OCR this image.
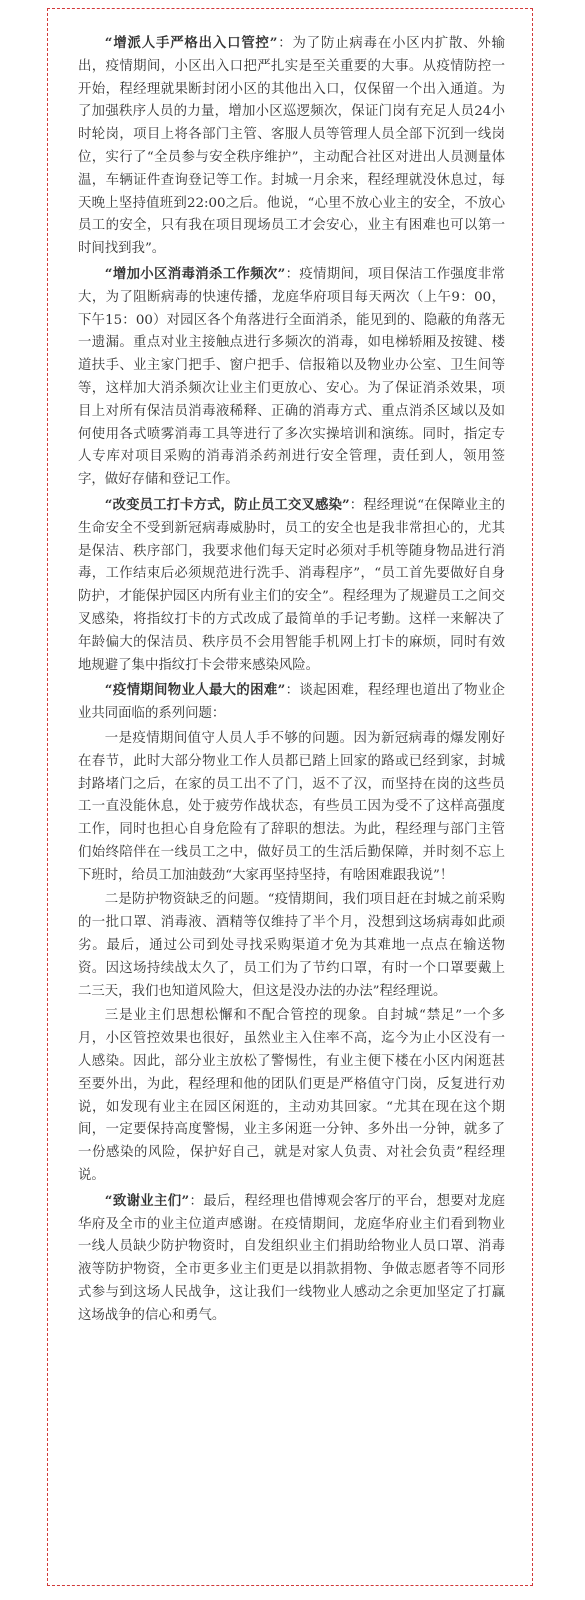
“增派人手严格出入口管控”：为了防止病毒在小区内扩散、外输出，疫情期间，小区出入口把严扎实是至关重要的大事。从疫情防控一开始，程经理就果断封闭小区的其他出入口，仅保留一个出入通道。为了加强秩序人员的力量，增加小区巡逻频次，保证门岗有充足人员24小时轮岗，项目上将各部门主管、客服人员等管理人员全部下沉到一线岗位，实行了“全员参与安全秩序维护”，主动配合社区对进出人员测量体温，车辆证件查询登记等工作。封城一月余来，程经理就没休息过，每天晚上坚持值班到22:00之后。他说，“心里不放心业主的安全，不放心员工的安全，只有我在项目现场员工才会安心，业主有困难也可以第一时间找到我”。

“增加小区消毒消杀工作频次”：疫情期间，项目保洁工作强度非常大，为了阻断病毒的快速传播，龙庭华府项目每天两次（上午9：00，下午15：00）对园区各个角落进行全面消杀，能见到的、隐蔽的角落无一遗漏。重点对业主接触点进行多频次的消毒，如电梯轿厢及按键、楼道扶手、业主家门把手、窗户把手、信报箱以及物业办公室、卫生间等等，这样加大消杀频次让业主们更放心、安心。为了保证消杀效果，项目上对所有保洁员消毒液稀释、正确的消毒方式、重点消杀区域以及如何使用各式喷雾消毒工具等进行了多次实操培训和演练。同时，指定专人专库对项目采购的消毒消杀药剂进行安全管理，责任到人，领用签字，做好存储和登记工作。

“改变员工打卡方式，防止员工交叉感染”：程经理说“在保障业主的生命安全不受到新冠病毒威胁时，员工的安全也是我非常担心的，尤其是保洁、秩序部门，我要求他们每天定时必须对手机等随身物品进行消毒，工作结束后必须规范进行洗手、消毒程序”，“员工首先要做好自身防护，才能保护园区内所有业主们的安全”。程经理为了规避员工之间交叉感染，将指纹打卡的方式改成了最简单的手记考勤。这样一来解决了年龄偏大的保洁员、秩序员不会用智能手机网上打卡的麻烦，同时有效地规避了集中指纹打卡会带来感染风险。

“疫情期间物业人最大的困难”：谈起困难，程经理也道出了物业企业共同面临的系列问题：

一是疫情期间值守人员人手不够的问题。因为新冠病毒的爆发刚好在春节，此时大部分物业工作人员都已踏上回家的路或已经到家，封城封路堵门之后，在家的员工出不了门，返不了汉，而坚持在岗的这些员工一直没能休息，处于疲劳作战状态，有些员工因为受不了这样高强度工作，同时也担心自身危险有了辞职的想法。为此，程经理与部门主管们始终陪伴在一线员工之中，做好员工的生活后勤保障，并时刻不忘上下班时，给员工加油鼓劲“大家再坚持坚持，有啥困难跟我说”！

二是防护物资缺乏的问题。“疫情期间，我们项目赶在封城之前采购的一批口罩、消毒液、酒精等仅维持了半个月，没想到这场病毒如此顽劣。最后，通过公司到处寻找采购渠道才免为其难地一点点在输送物资。因这场持续战太久了，员工们为了节约口罩，有时一个口罩要戴上二三天，我们也知道风险大，但这是没办法的办法”程经理说。

三是业主们思想松懈和不配合管控的现象。自封城“禁足”一个多月，小区管控效果也很好，虽然业主入住率不高，迄今为止小区没有一人感染。因此，部分业主放松了警惕性，有业主便下楼在小区内闲逛甚至要外出，为此，程经理和他的团队们更是严格值守门岗，反复进行劝说，如发现有业主在园区闲逛的，主动劝其回家。“尤其在现在这个期间，一定要保持高度警惕，业主多闲逛一分钟、多外出一分钟，就多了一份感染的风险，保护好自己，就是对家人负责、对社会负责”程经理说。

“致谢业主们”：最后，程经理也借博观会客厅的平台，想要对龙庭华府及全市的业主位道声感谢。在疫情期间，龙庭华府业主们看到物业一线人员缺少防护物资时，自发组织业主们捐助给物业人员口罩、消毒液等防护物资，全市更多业主们更是以捐款捐物、争做志愿者等不同形式参与到这场人民战争，这让我们一线物业人感动之余更加坚定了打赢这场战争的信心和勇气。
